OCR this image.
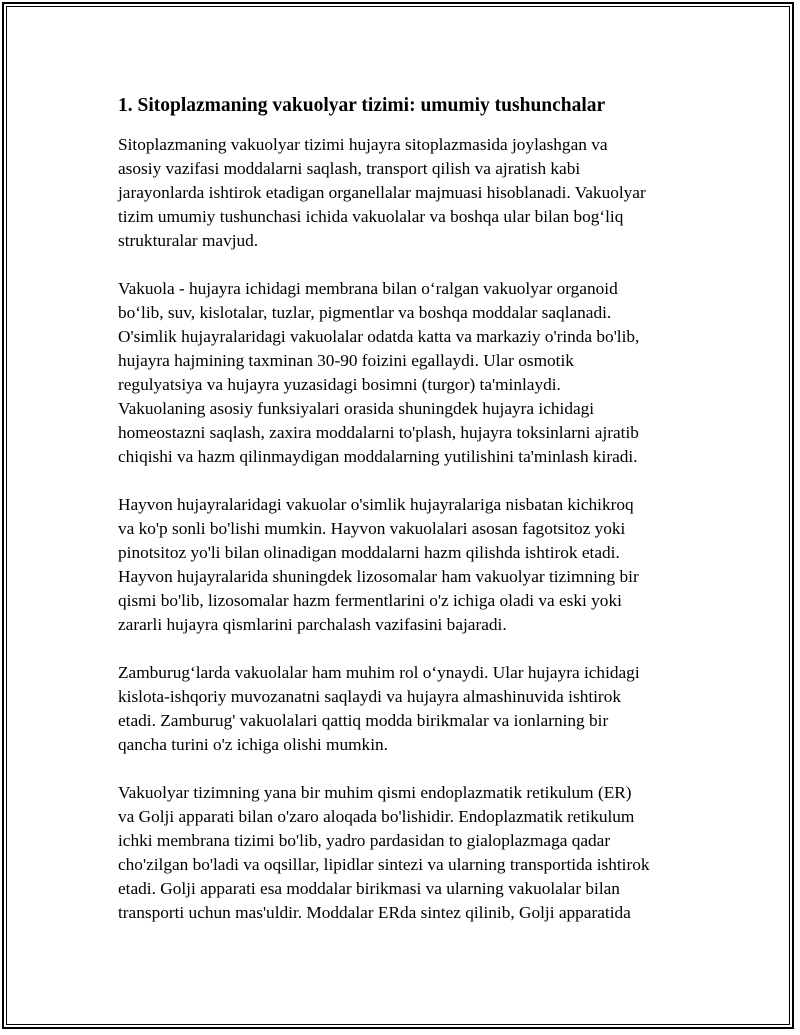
1. Sitoplazmaning vakuolyar tizimi: umumiy tushunchalar

Sitoplazmaning vakuolyar tizimi hujayra sitoplazmasida joylashgan va
asosiy vazifasi moddalarni saqlash, transport qilish va ajratish kabi
jarayonlarda ishtirok etadigan organellalar majmuasi hisoblanadi. Vakuolyar
tizim umumiy tushunchasi ichida vakuolalar va boshqa ular bilan bog‘liq
strukturalar mavjud.

Vakuola - hujayra ichidagi membrana bilan o‘ralgan vakuolyar organoid
bo‘lib, suv, kislotalar, tuzlar, pigmentlar va boshqa moddalar saqlanadi.
O'simlik hujayralaridagi vakuolalar odatda katta va markaziy o'rinda bo'lib,
hujayra hajmining taxminan 30-90 foizini egallaydi. Ular osmotik
regulyatsiya va hujayra yuzasidagi bosimni (turgor) ta'minlaydi.
Vakuolaning asosiy funksiyalari orasida shuningdek hujayra ichidagi
homeostazni saqlash, zaxira moddalarni to'plash, hujayra toksinlarni ajratib
chiqishi va hazm qilinmaydigan moddalarning yutilishini ta'minlash kiradi.

Hayvon hujayralaridagi vakuolar o'simlik hujayralariga nisbatan kichikroq
va ko'p sonli bo'lishi mumkin. Hayvon vakuolalari asosan fagotsitoz yoki
pinotsitoz yo'li bilan olinadigan moddalarni hazm qilishda ishtirok etadi.
Hayvon hujayralarida shuningdek lizosomalar ham vakuolyar tizimning bir
qismi bo'lib, lizosomalar hazm fermentlarini o'z ichiga oladi va eski yoki
zararli hujayra qismlarini parchalash vazifasini bajaradi.

Zamburug‘larda vakuolalar ham muhim rol o‘ynaydi. Ular hujayra ichidagi
kislota-ishqoriy muvozanatni saqlaydi va hujayra almashinuvida ishtirok
etadi. Zamburug' vakuolalari qattiq modda birikmalar va ionlarning bir
qancha turini o'z ichiga olishi mumkin.

Vakuolyar tizimning yana bir muhim qismi endoplazmatik retikulum (ER)
va Golji apparati bilan o'zaro aloqada bo'lishidir. Endoplazmatik retikulum
ichki membrana tizimi bo'lib, yadro pardasidan to gialoplazmaga qadar
cho'zilgan bo'ladi va oqsillar, lipidlar sintezi va ularning transportida ishtirok
etadi. Golji apparati esa moddalar birikmasi va ularning vakuolalar bilan
transporti uchun mas'uldir. Moddalar ERda sintez qilinib, Golji apparatida
